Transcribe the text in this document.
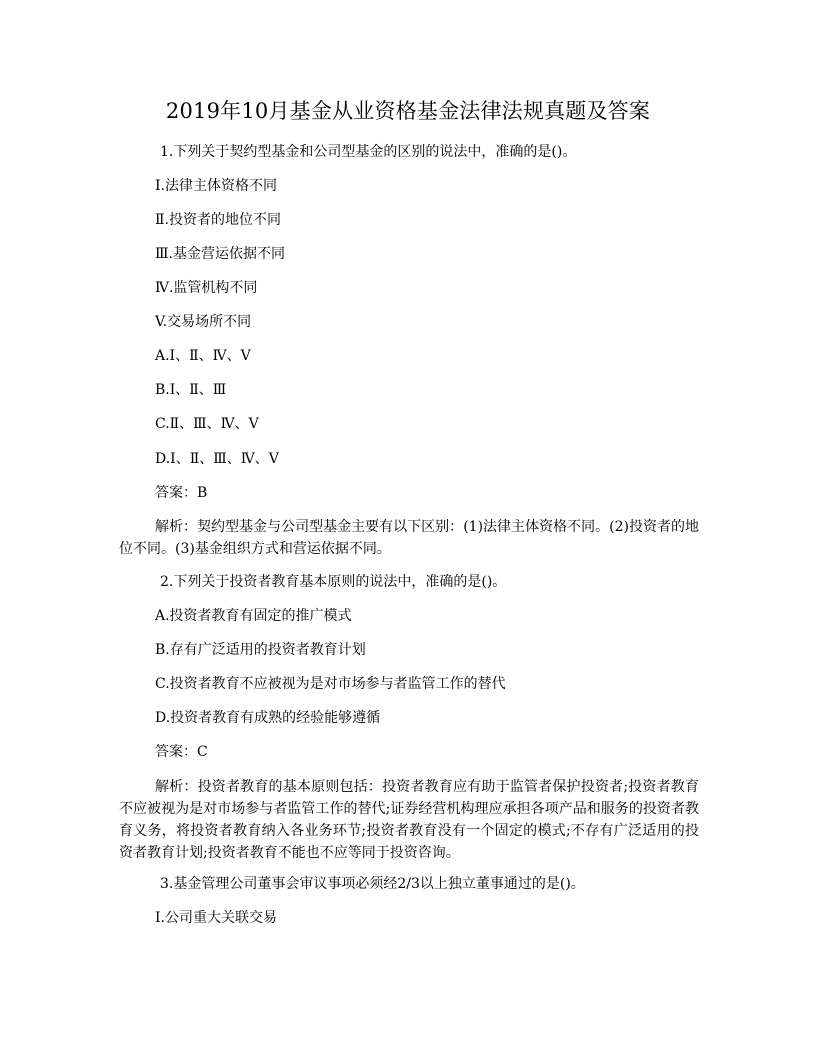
2019年10月基金从业资格基金法律法规真题及答案
1.下列关于契约型基金和公司型基金的区别的说法中，准确的是()。
Ⅰ.法律主体资格不同
Ⅱ.投资者的地位不同
Ⅲ.基金营运依据不同
Ⅳ.监管机构不同
V.交易场所不同
A.Ⅰ、Ⅱ、Ⅳ、V
B.Ⅰ、Ⅱ、Ⅲ
C.Ⅱ、Ⅲ、Ⅳ、V
D.Ⅰ、Ⅱ、Ⅲ、Ⅳ、V
答案：B
解析：契约型基金与公司型基金主要有以下区别：(1)法律主体资格不同。(2)投资者的地位不同。(3)基金组织方式和营运依据不同。
2.下列关于投资者教育基本原则的说法中，准确的是()。
A.投资者教育有固定的推广模式
B.存有广泛适用的投资者教育计划
C.投资者教育不应被视为是对市场参与者监管工作的替代
D.投资者教育有成熟的经验能够遵循
答案：C
解析：投资者教育的基本原则包括：投资者教育应有助于监管者保护投资者;投资者教育不应被视为是对市场参与者监管工作的替代;证券经营机构理应承担各项产品和服务的投资者教育义务，将投资者教育纳入各业务环节;投资者教育没有一个固定的模式;不存有广泛适用的投资者教育计划;投资者教育不能也不应等同于投资咨询。
3.基金管理公司董事会审议事项必须经2/3以上独立董事通过的是()。
I.公司重大关联交易
